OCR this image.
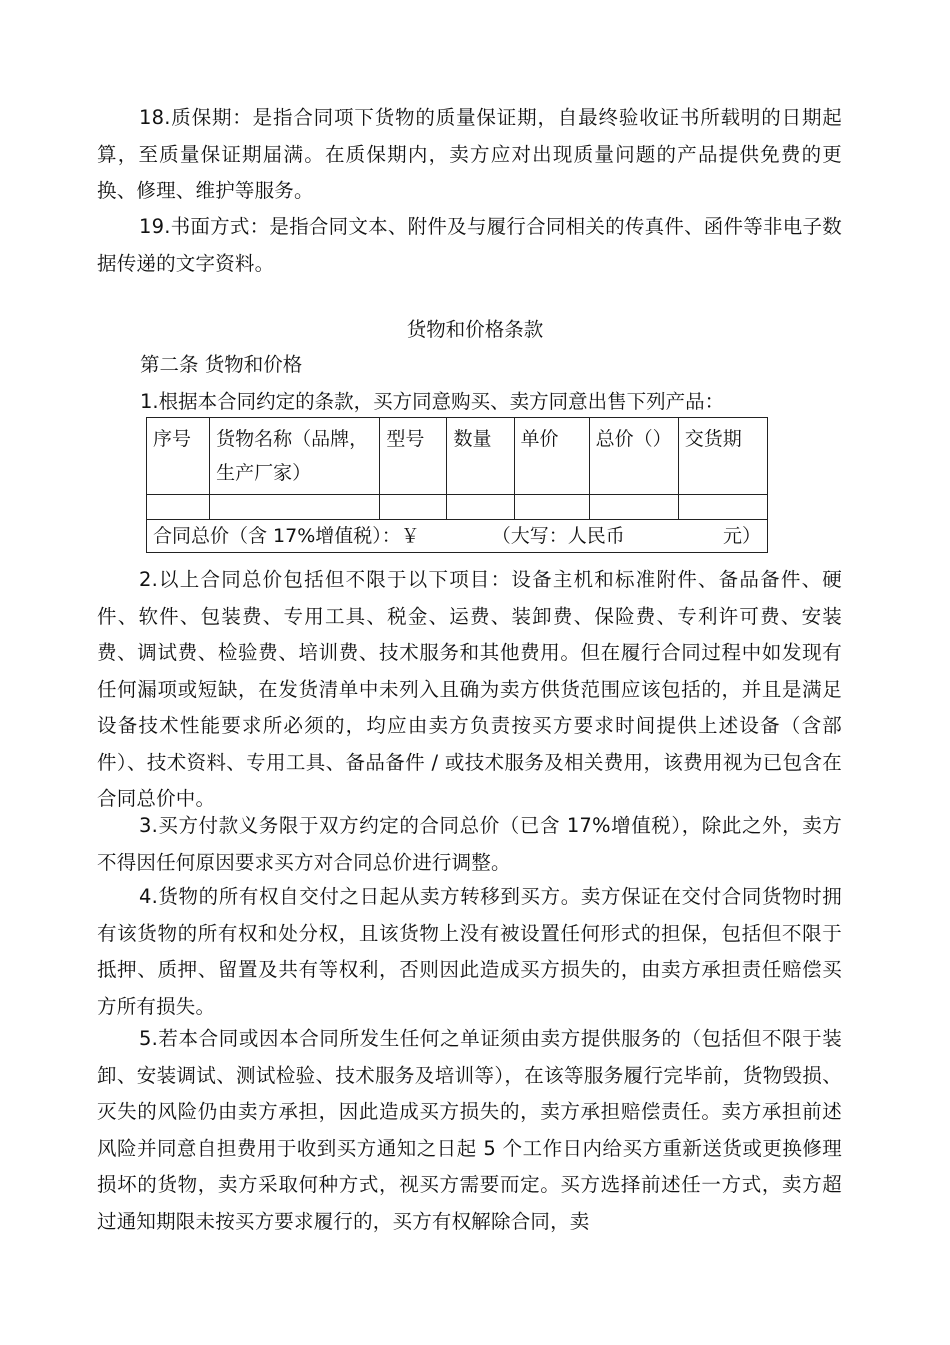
18.质保期：是指合同项下货物的质量保证期，自最终验收证书所载明的日期起算，至质量保证期届满。在质保期内，卖方应对出现质量问题的产品提供免费的更换、修理、维护等服务。

19.书面方式：是指合同文本、附件及与履行合同相关的传真件、函件等非电子数据传递的文字资料。

货物和价格条款

第二条 货物和价格

1.根据本合同约定的条款，买方同意购买、卖方同意出售下列产品：

序号	货物名称（品牌，生产厂家）	型号	数量	单价	总价（）	交货期

合同总价（含 17%增值税）：￥ （大写：人民币 元）						

2.以上合同总价包括但不限于以下项目：设备主机和标准附件、备品备件、硬件、软件、包装费、专用工具、税金、运费、装卸费、保险费、专利许可费、安装费、调试费、检验费、培训费、技术服务和其他费用。但在履行合同过程中如发现有任何漏项或短缺，在发货清单中未列入且确为卖方供货范围应该包括的，并且是满足设备技术性能要求所必须的，均应由卖方负责按买方要求时间提供上述设备（含部件）、技术资料、专用工具、备品备件 / 或技术服务及相关费用，该费用视为已包含在合同总价中。

3.买方付款义务限于双方约定的合同总价（已含 17%增值税），除此之外，卖方不得因任何原因要求买方对合同总价进行调整。

4.货物的所有权自交付之日起从卖方转移到买方。卖方保证在交付合同货物时拥有该货物的所有权和处分权，且该货物上没有被设置任何形式的担保，包括但不限于抵押、质押、留置及共有等权利，否则因此造成买方损失的，由卖方承担责任赔偿买方所有损失。

5.若本合同或因本合同所发生任何之单证须由卖方提供服务的（包括但不限于装卸、安装调试、测试检验、技术服务及培训等），在该等服务履行完毕前，货物毁损、灭失的风险仍由卖方承担，因此造成买方损失的，卖方承担赔偿责任。卖方承担前述风险并同意自担费用于收到买方通知之日起 5 个工作日内给买方重新送货或更换修理损坏的货物，卖方采取何种方式，视买方需要而定。买方选择前述任一方式，卖方超过通知期限未按买方要求履行的，买方有权解除合同，卖
